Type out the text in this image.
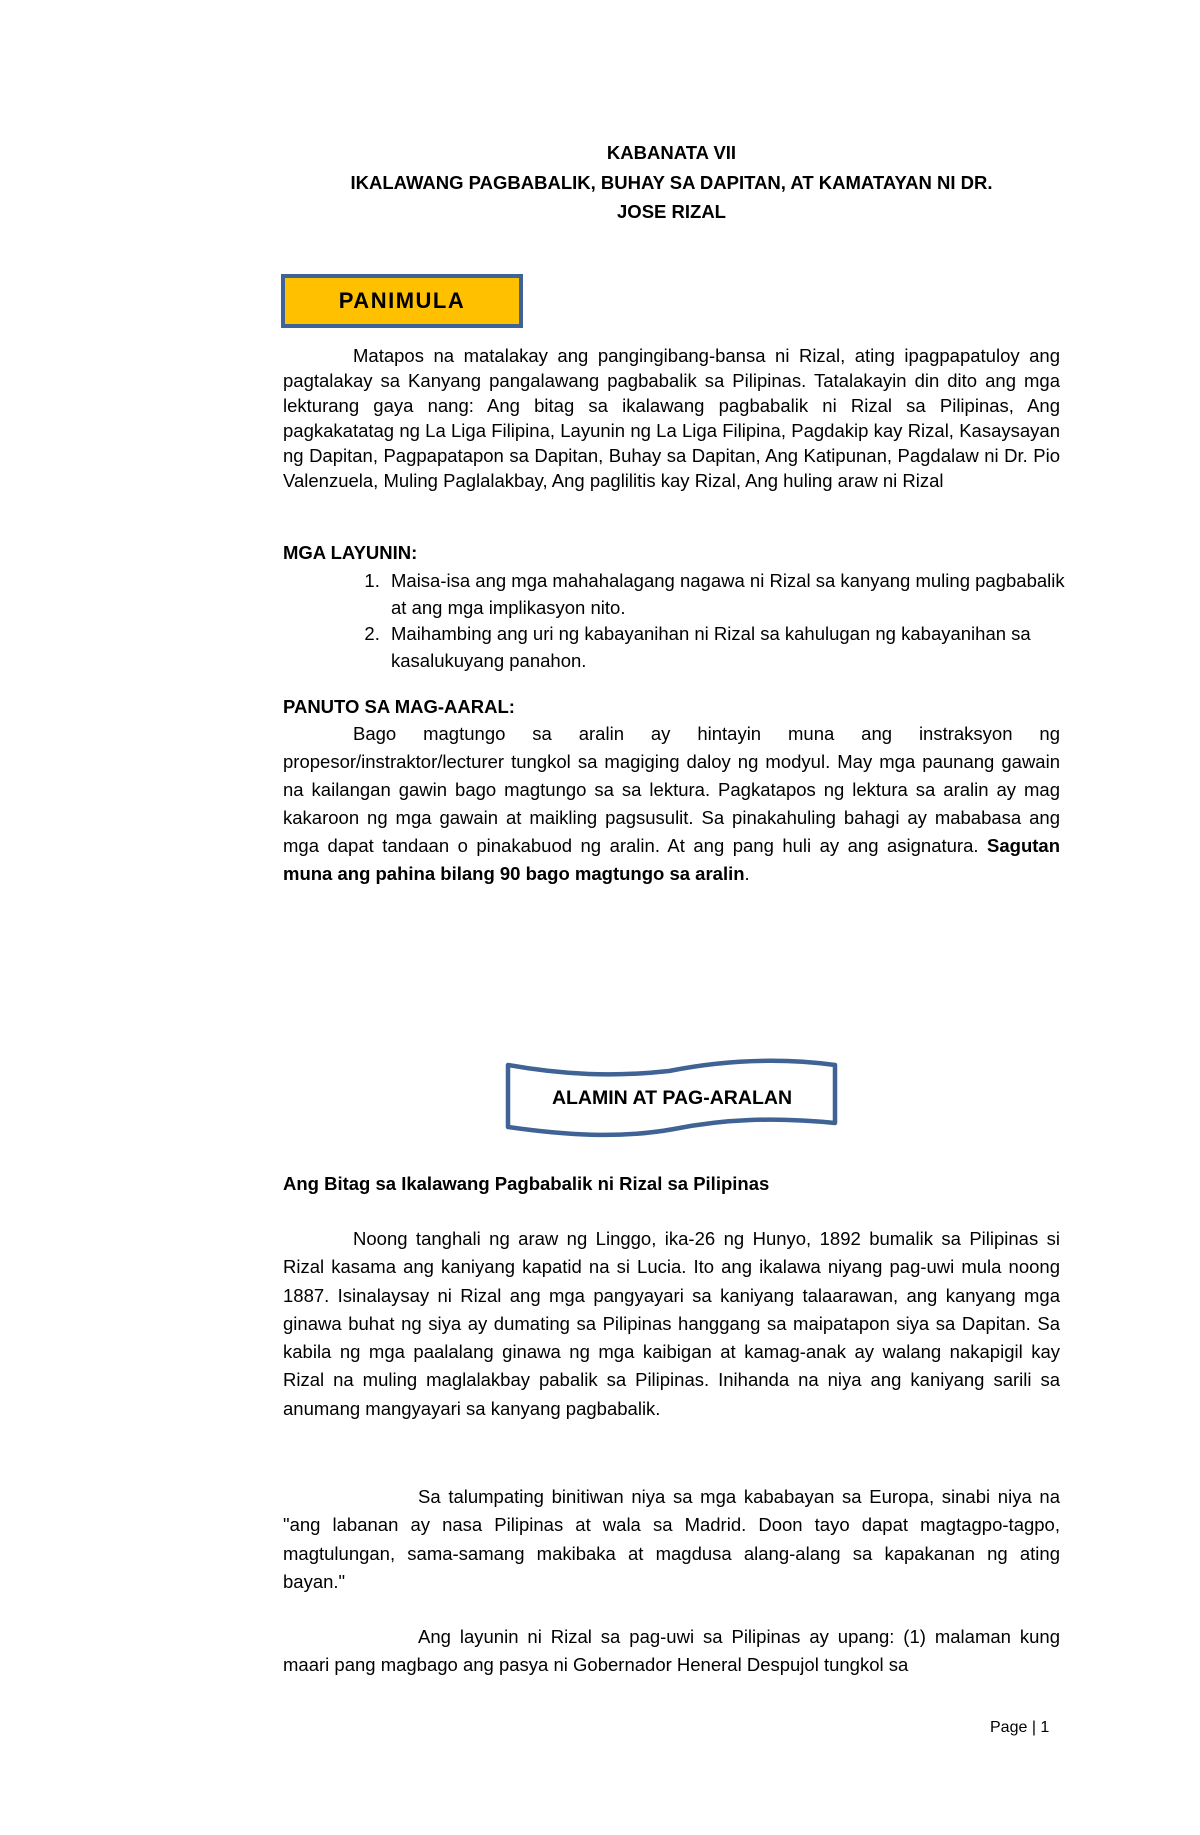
KABANATA VII
IKALAWANG PAGBABALIK, BUHAY SA DAPITAN, AT KAMATAYAN NI DR.
JOSE RIZAL
PANIMULA
Matapos na matalakay ang pangingibang-bansa ni Rizal, ating ipagpapatuloy ang pagtalakay sa Kanyang pangalawang pagbabalik sa Pilipinas. Tatalakayin din dito ang mga lekturang gaya nang: Ang bitag sa ikalawang pagbabalik ni Rizal sa Pilipinas, Ang pagkakatatag ng La Liga Filipina, Layunin ng La Liga Filipina, Pagdakip kay Rizal, Kasaysayan ng Dapitan, Pagpapatapon sa Dapitan, Buhay sa Dapitan, Ang Katipunan, Pagdalaw ni Dr. Pio Valenzuela, Muling Paglalakbay, Ang paglilitis kay Rizal, Ang huling araw ni Rizal
MGA LAYUNIN:
1. Maisa-isa ang mga mahahalagang nagawa ni Rizal sa kanyang muling pagbabalik at ang mga implikasyon nito.
2. Maihambing ang uri ng kabayanihan ni Rizal sa kahulugan ng kabayanihan sa kasalukuyang panahon.
PANUTO SA MAG-AARAL:
Bago magtungo sa aralin ay hintayin muna ang instraksyon ng propesor/instraktor/lecturer tungkol sa magiging daloy ng modyul. May mga paunang gawain na kailangan gawin bago magtungo sa sa lektura. Pagkatapos ng lektura sa aralin ay mag kakaroon ng mga gawain at maikling pagsusulit. Sa pinakahuling bahagi ay mababasa ang mga dapat tandaan o pinakabuod ng aralin. At ang pang huli ay ang asignatura. Sagutan muna ang pahina bilang 90 bago magtungo sa aralin.
ALAMIN AT PAG-ARALAN
Ang Bitag sa Ikalawang Pagbabalik ni Rizal sa Pilipinas
Noong tanghali ng araw ng Linggo, ika-26 ng Hunyo, 1892 bumalik sa Pilipinas si Rizal kasama ang kaniyang kapatid na si Lucia. Ito ang ikalawa niyang pag-uwi mula noong 1887. Isinalaysay ni Rizal ang mga pangyayari sa kaniyang talaarawan, ang kanyang mga ginawa buhat ng siya ay dumating sa Pilipinas hanggang sa maipatapon siya sa Dapitan. Sa kabila ng mga paalalang ginawa ng mga kaibigan at kamag-anak ay walang nakapigil kay Rizal na muling maglalakbay pabalik sa Pilipinas. Inihanda na niya ang kaniyang sarili sa anumang mangyayari sa kanyang pagbabalik.
Sa talumpating binitiwan niya sa mga kababayan sa Europa, sinabi niya na "ang labanan ay nasa Pilipinas at wala sa Madrid. Doon tayo dapat magtagpo-tagpo, magtulungan, sama-samang makibaka at magdusa alang-alang sa kapakanan ng ating bayan."
Ang layunin ni Rizal sa pag-uwi sa Pilipinas ay upang: (1) malaman kung maari pang magbago ang pasya ni Gobernador Heneral Despujol tungkol sa
Page | 1
